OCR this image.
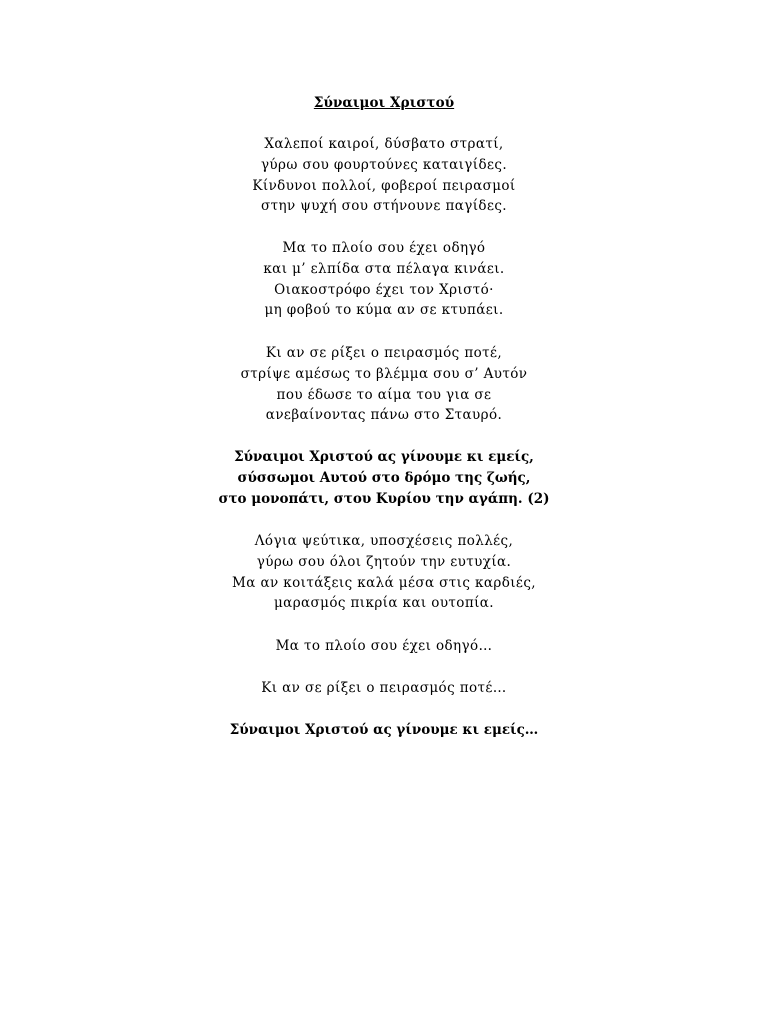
Σύναιμοι Χριστού
Χαλεποί καιροί, δύσβατο στρατί,
γύρω σου φουρτούνες καταιγίδες.
Κίνδυνοι πολλοί, φοβεροί πειρασμοί
στην ψυχή σου στήνουνε παγίδες.
Μα το πλοίο σου έχει οδηγό
και μ’ ελπίδα στα πέλαγα κινάει.
Οιακοστρόφο έχει τον Χριστό·
μη φοβού το κύμα αν σε κτυπάει.
Κι αν σε ρίξει ο πειρασμός ποτέ,
στρίψε αμέσως το βλέμμα σου σ’ Αυτόν
που έδωσε το αίμα του για σε
ανεβαίνοντας πάνω στο Σταυρό.
Σύναιμοι Χριστού ας γίνουμε κι εμείς,
σύσσωμοι Αυτού στο δρόμο της ζωής,
στο μονοπάτι, στου Κυρίου την αγάπη. (2)
Λόγια ψεύτικα, υποσχέσεις πολλές,
γύρω σου όλοι ζητούν την ευτυχία.
Μα αν κοιτάξεις καλά μέσα στις καρδιές,
μαρασμός πικρία και ουτοπία.
Μα το πλοίο σου έχει οδηγό…
Κι αν σε ρίξει ο πειρασμός ποτέ…
Σύναιμοι Χριστού ας γίνουμε κι εμείς…
